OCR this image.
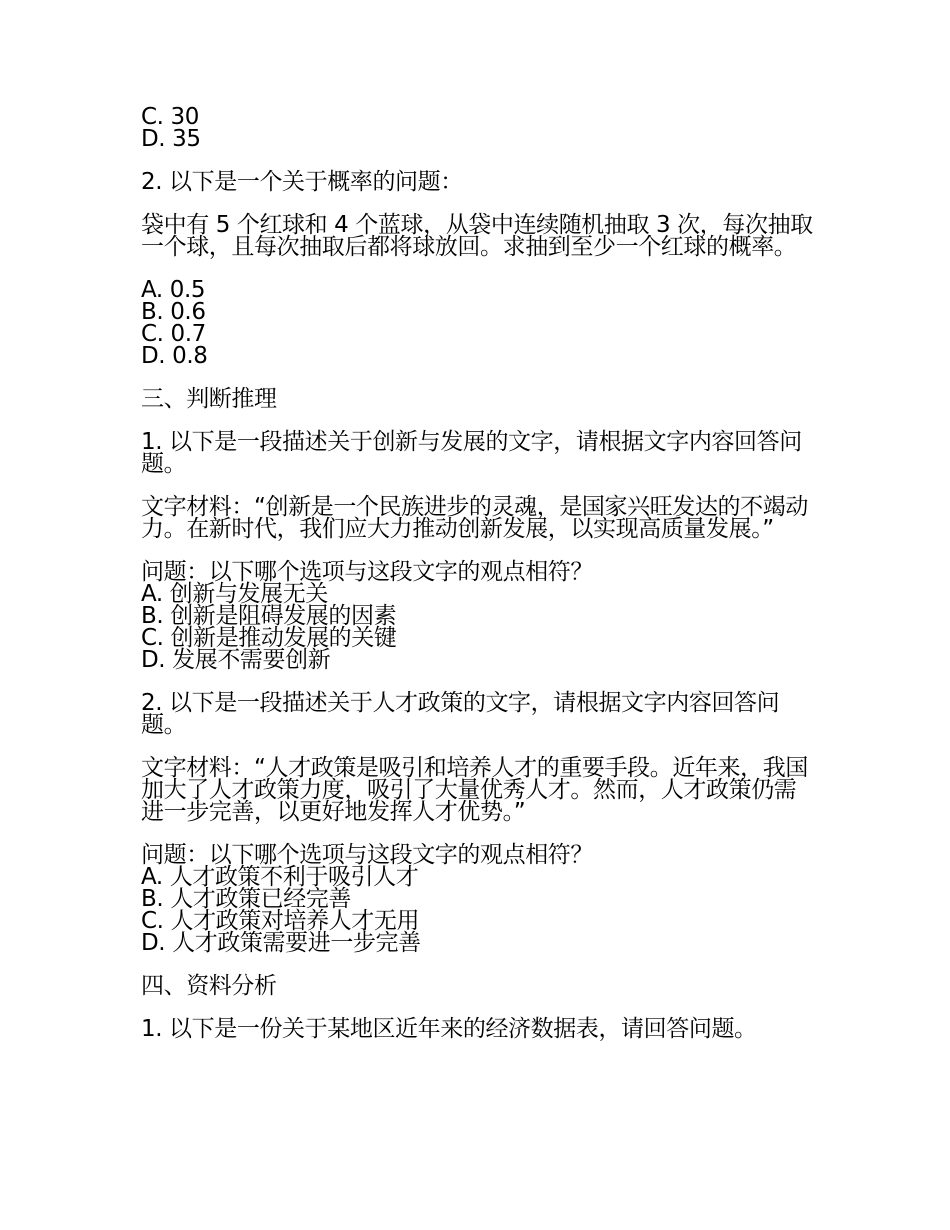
C. 30
D. 35
2. 以下是一个关于概率的问题：
袋中有 5 个红球和 4 个蓝球，从袋中连续随机抽取 3 次，每次抽取一个球，且每次抽取后都将球放回。求抽到至少一个红球的概率。
A. 0.5
B. 0.6
C. 0.7
D. 0.8
三、判断推理
1. 以下是一段描述关于创新与发展的文字，请根据文字内容回答问题。
文字材料：“创新是一个民族进步的灵魂，是国家兴旺发达的不竭动力。在新时代，我们应大力推动创新发展，以实现高质量发展。”
问题：以下哪个选项与这段文字的观点相符？
A. 创新与发展无关
B. 创新是阻碍发展的因素
C. 创新是推动发展的关键
D. 发展不需要创新
2. 以下是一段描述关于人才政策的文字，请根据文字内容回答问题。
文字材料：“人才政策是吸引和培养人才的重要手段。近年来，我国加大了人才政策力度，吸引了大量优秀人才。然而，人才政策仍需进一步完善，以更好地发挥人才优势。”
问题：以下哪个选项与这段文字的观点相符？
A. 人才政策不利于吸引人才
B. 人才政策已经完善
C. 人才政策对培养人才无用
D. 人才政策需要进一步完善
四、资料分析
1. 以下是一份关于某地区近年来的经济数据表，请回答问题。
